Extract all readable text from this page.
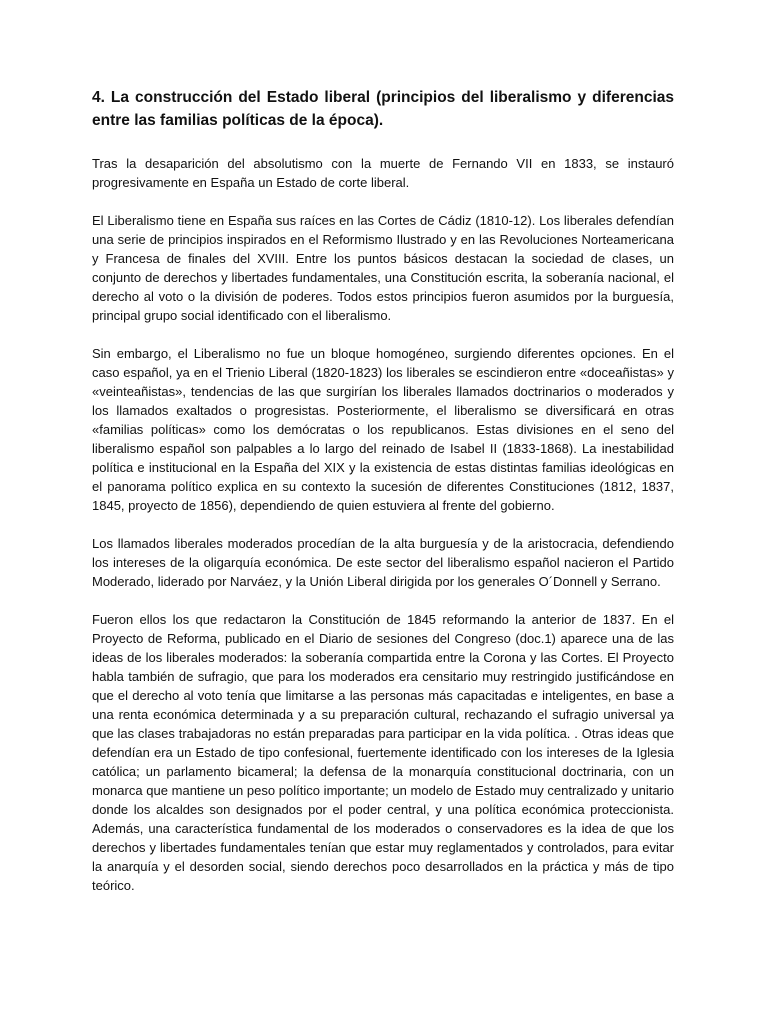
4. La construcción del Estado liberal (principios del liberalismo y diferencias entre las familias políticas de la época).

Tras la desaparición del absolutismo con la muerte de Fernando VII en 1833, se instauró progresivamente en España un Estado de corte liberal.

El Liberalismo tiene en España sus raíces en las Cortes de Cádiz (1810-12). Los liberales defendían una serie de principios inspirados en el Reformismo Ilustrado y en las Revoluciones Norteamericana y Francesa de finales del XVIII. Entre los puntos básicos destacan la sociedad de clases, un conjunto de derechos y libertades fundamentales, una Constitución escrita, la soberanía nacional, el derecho al voto o la división de poderes. Todos estos principios fueron asumidos por la burguesía, principal grupo social identificado con el liberalismo.

Sin embargo, el Liberalismo no fue un bloque homogéneo, surgiendo diferentes opciones. En el caso español, ya en el Trienio Liberal (1820-1823) los liberales se escindieron entre «doceañistas» y «veinteañistas», tendencias de las que surgirían los liberales llamados doctrinarios o moderados y los llamados exaltados o progresistas. Posteriormente, el liberalismo se diversificará en otras «familias políticas» como los demócratas o los republicanos. Estas divisiones en el seno del liberalismo español son palpables a lo largo del reinado de Isabel II (1833-1868). La inestabilidad política e institucional en la España del XIX y la existencia de estas distintas familias ideológicas en el panorama político explica en su contexto la sucesión de diferentes Constituciones (1812, 1837, 1845, proyecto de 1856), dependiendo de quien estuviera al frente del gobierno.

Los llamados liberales moderados procedían de la alta burguesía y de la aristocracia, defendiendo los intereses de la oligarquía económica. De este sector del liberalismo español nacieron el Partido Moderado, liderado por Narváez, y la Unión Liberal dirigida por los generales O´Donnell y Serrano.

Fueron ellos los que redactaron la Constitución de 1845 reformando la anterior de 1837. En el Proyecto de Reforma, publicado en el Diario de sesiones del Congreso (doc.1) aparece una de las ideas de los liberales moderados: la soberanía compartida entre la Corona y las Cortes. El Proyecto habla también de sufragio, que para los moderados era censitario muy restringido justificándose en que el derecho al voto tenía que limitarse a las personas más capacitadas e inteligentes, en base a una renta económica determinada y a su preparación cultural, rechazando el sufragio universal ya que las clases trabajadoras no están preparadas para participar en la vida política. . Otras ideas que defendían era un Estado de tipo confesional, fuertemente identificado con los intereses de la Iglesia católica; un parlamento bicameral; la defensa de la monarquía constitucional doctrinaria, con un monarca que mantiene un peso político importante; un modelo de Estado muy centralizado y unitario donde los alcaldes son designados por el poder central, y una política económica proteccionista. Además, una característica fundamental de los moderados o conservadores es la idea de que los derechos y libertades fundamentales tenían que estar muy reglamentados y controlados, para evitar la anarquía y el desorden social, siendo derechos poco desarrollados en la práctica y más de tipo teórico.
